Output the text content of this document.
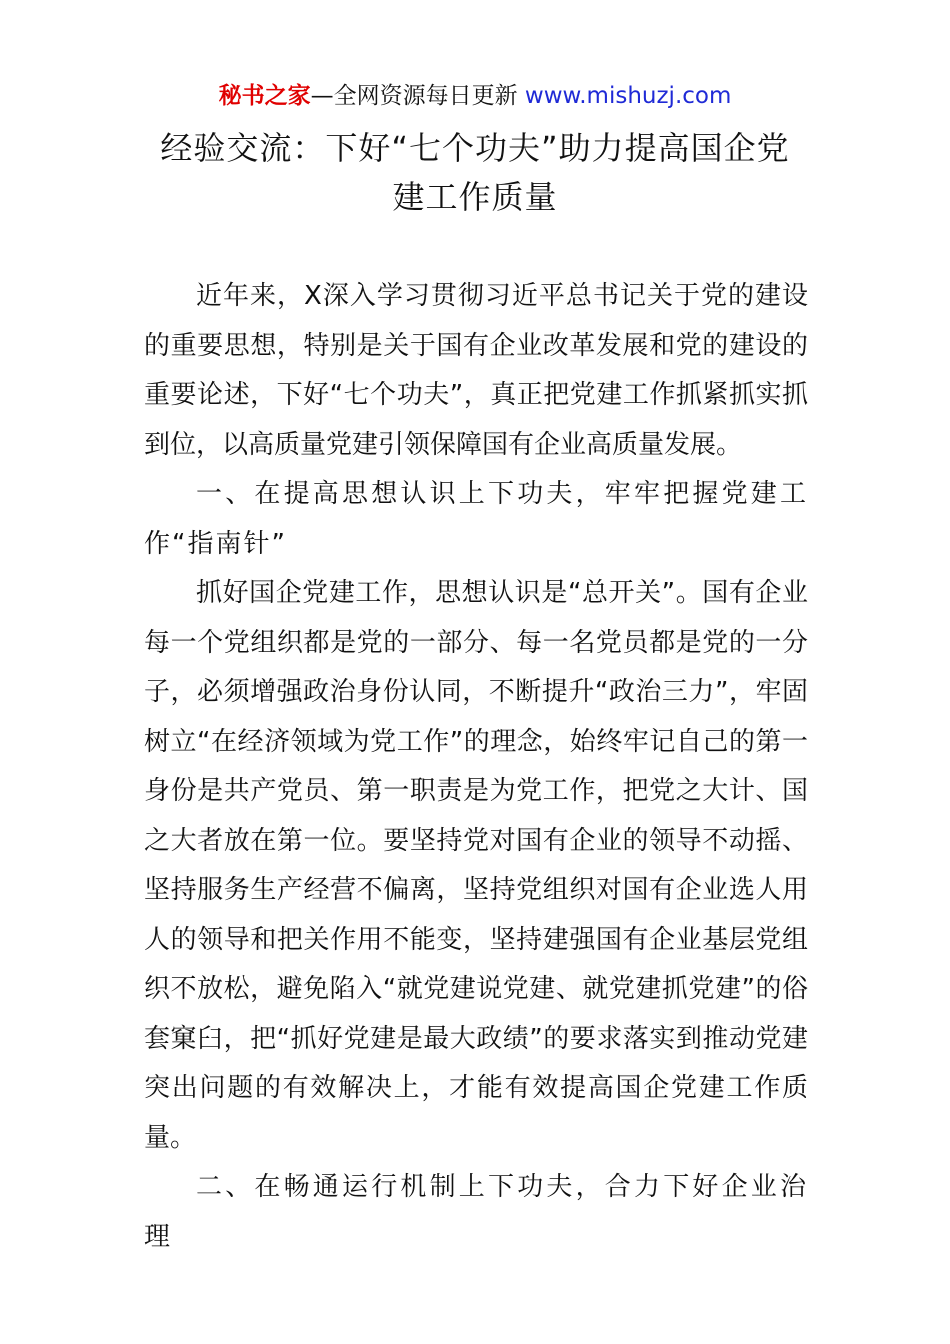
秘书之家—全网资源每日更新 www.mishuzj.com
经验交流：下好“七个功夫”助力提高国企党
建工作质量

近年来，X深入学习贯彻习近平总书记关于党的建设的重要思想，特别是关于国有企业改革发展和党的建设的重要论述，下好“七个功夫”，真正把党建工作抓紧抓实抓到位，以高质量党建引领保障国有企业高质量发展。

一、在提高思想认识上下功夫，牢牢把握党建工作“指南针”

抓好国企党建工作，思想认识是“总开关”。国有企业每一个党组织都是党的一部分、每一名党员都是党的一分子，必须增强政治身份认同，不断提升“政治三力”，牢固树立“在经济领域为党工作”的理念，始终牢记自己的第一身份是共产党员、第一职责是为党工作，把党之大计、国之大者放在第一位。要坚持党对国有企业的领导不动摇、坚持服务生产经营不偏离，坚持党组织对国有企业选人用人的领导和把关作用不能变，坚持建强国有企业基层党组织不放松，避免陷入“就党建说党建、就党建抓党建”的俗套窠臼，把“抓好党建是最大政绩”的要求落实到推动党建突出问题的有效解决上，才能有效提高国企党建工作质量。

二、在畅通运行机制上下功夫，合力下好企业治理
